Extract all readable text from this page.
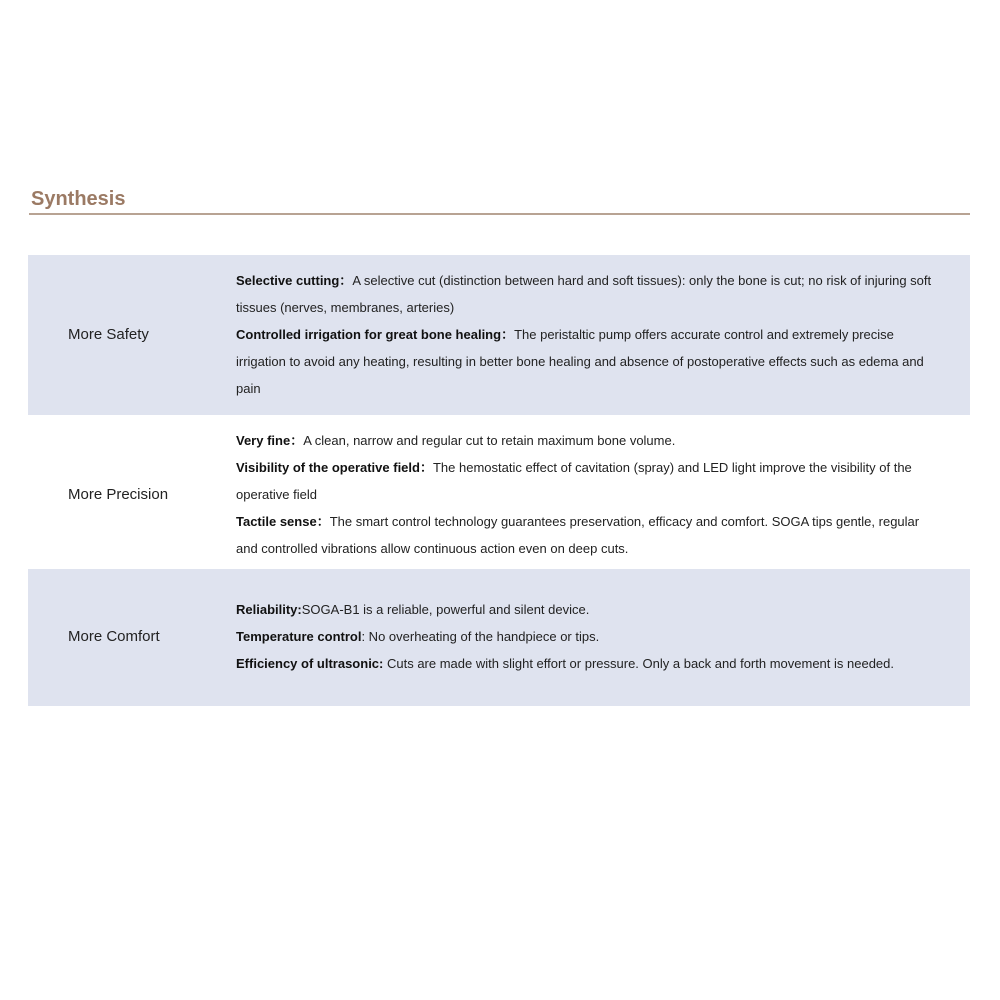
Synthesis
More Safety

Selective cutting：A selective cut (distinction between hard and soft tissues): only the bone is cut; no risk of injuring soft tissues (nerves, membranes, arteries)

Controlled irrigation for great bone healing：The peristaltic pump offers accurate control and extremely precise irrigation to avoid any heating, resulting in better bone healing and absence of postoperative effects such as edema and pain

More Precision

Very fine：A clean, narrow and regular cut to retain maximum bone volume.

Visibility of the operative field：The hemostatic effect of cavitation (spray) and LED light improve the visibility of the operative field

Tactile sense：The smart control technology guarantees preservation, efficacy and comfort. SOGA tips gentle, regular and controlled vibrations allow continuous action even on deep cuts.

More Comfort

Reliability:SOGA-B1 is a reliable, powerful and silent device.

Temperature control: No overheating of the handpiece or tips.

Efficiency of ultrasonic: Cuts are made with slight effort or pressure. Only a back and forth movement is needed.
